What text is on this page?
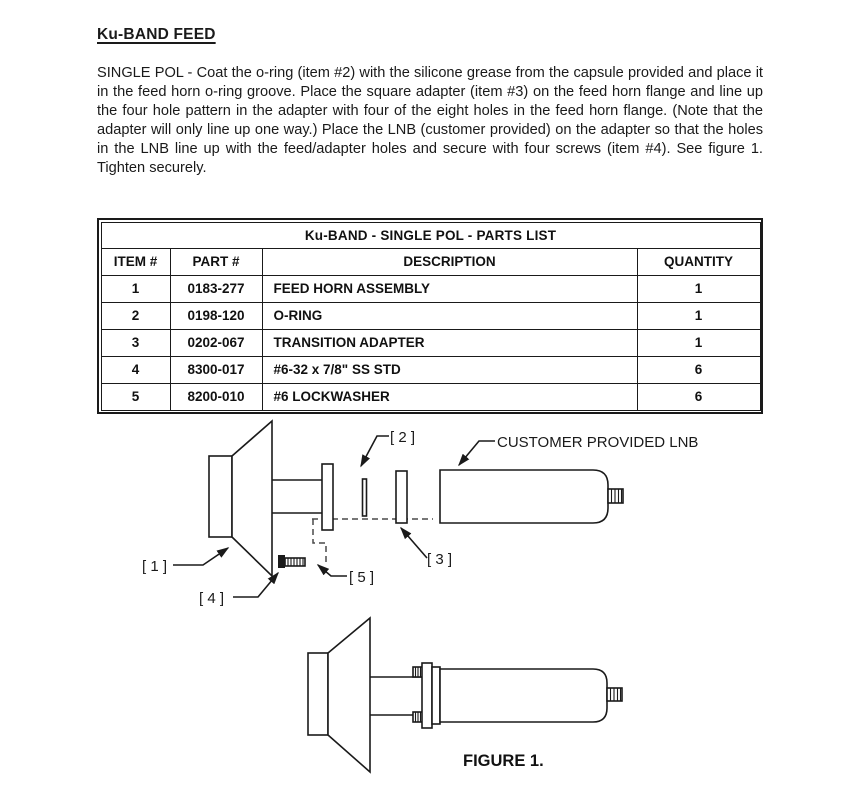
Ku-BAND FEED
SINGLE POL - Coat the o-ring (item #2) with the silicone grease from the capsule provided and place it in the feed horn o-ring groove. Place the square adapter (item #3) on the feed horn flange and line up the four hole pattern in the adapter with four of the eight holes in the feed horn flange. (Note that the adapter will only line up one way.) Place the LNB (customer provided) on the adapter so that the holes in the LNB line up with the feed/adapter holes and secure with four screws (item #4). See figure 1. Tighten securely.
Ku-BAND - SINGLE POL - PARTS LIST			
ITEM #	PART #	DESCRIPTION	QUANTITY
1	0183-277	FEED HORN ASSEMBLY	1
2	0198-120	O-RING	1
3	0202-067	TRANSITION ADAPTER	1
4	8300-017	#6-32 x 7/8" SS STD	6
5	8200-010	#6 LOCKWASHER	6
[ 1 ]
[ 2 ]
[ 3 ]
[ 4 ]
[ 5 ]
CUSTOMER PROVIDED LNB
FIGURE 1.
